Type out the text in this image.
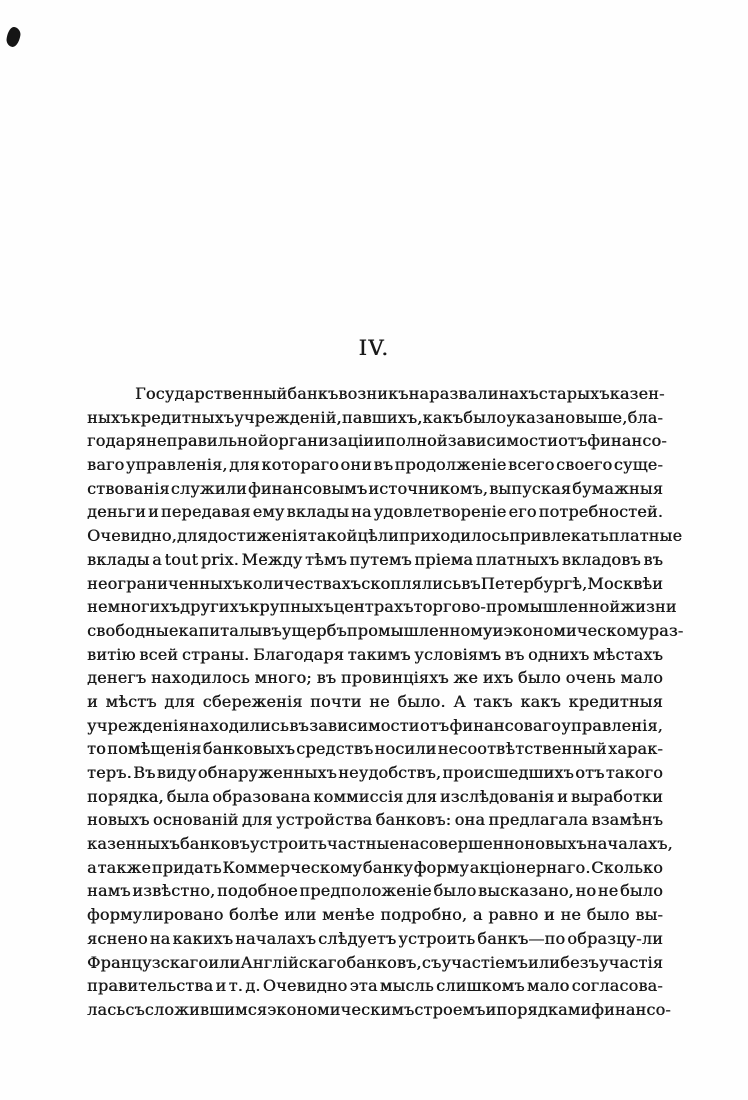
IV.
Государственный банкъ возникъ на развалинахъ старыхъ казен-
ныхъ кредитныхъ учрежденій, павшихъ, какъ было указано выше, бла-
годаря неправильной организаціи и полной зависимости отъ финансо-
ваго управленія, для котораго они въ продолженіе всего своего суще-
ствованія служили финансовымъ источникомъ, выпуская бумажныя
деньги и передавая ему вклады на удовлетвореніе его потребностей.
Очевидно, для достиженія такой цѣли приходилось привлекать платные
вклады a tout prix. Между тѣмъ путемъ пріема платныхъ вкладовъ въ
неограниченныхъ количествахъ скоплялись въ Петербургѣ, Москвѣ и
немногихъ другихъ крупныхъ центрахъ торгово-промышленной жизни
свободные капиталы въ ущербъ промышленному и экономическому раз-
витію всей страны. Благодаря такимъ условіямъ въ однихъ мѣстахъ
денегъ находилось много; въ провинціяхъ же ихъ было очень мало
и мѣстъ для сбереженія почти не было. А такъ какъ кредитныя
учрежденія находились въ зависимости отъ финансоваго управленія,
то помѣщенія банковыхъ средствъ носили несоотвѣтственный харак-
теръ. Въ виду обнаруженныхъ неудобствъ, происшедшихъ отъ такого
порядка, была образована коммиссія для изслѣдованія и выработки
новыхъ основаній для устройства банковъ: она предлагала взамѣнъ
казенныхъ банковъ устроить частные на совершенно новыхъ началахъ,
а также придать Коммерческому банку форму акціонернаго. Сколько
намъ извѣстно, подобное предположеніе было высказано, но не было
формулировано болѣе или менѣе подробно, а равно и не было вы-
яснено на какихъ началахъ слѣдуетъ устроить банкъ—по образцу-ли
Французскаго или Англійскаго банковъ, съ участіемъ или безъ участія
правительства и т. д. Очевидно эта мысль слишкомъ мало согласова-
лась съ сложившимся экономическимъ строемъ и порядками финансо-
